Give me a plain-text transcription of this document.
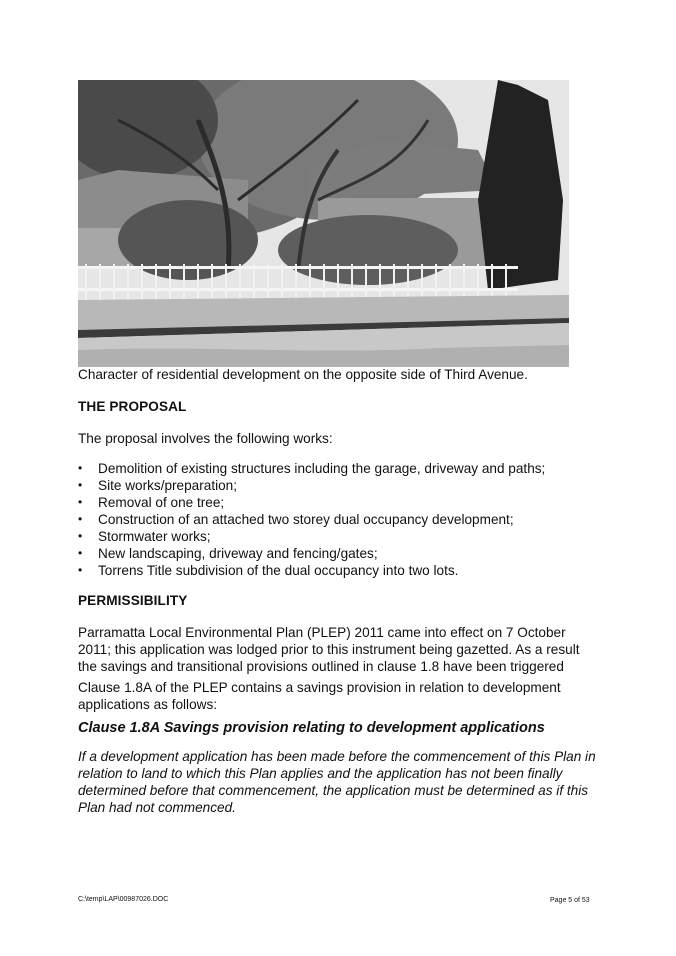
Character of residential development on the opposite side of Third Avenue.
THE PROPOSAL
The proposal involves the following works:
• Demolition of existing structures including the garage, driveway and paths;
• Site works/preparation;
• Removal of one tree;
• Construction of an attached two storey dual occupancy development;
• Stormwater works;
• New landscaping, driveway and fencing/gates;
• Torrens Title subdivision of the dual occupancy into two lots.
PERMISSIBILITY
Parramatta Local Environmental Plan (PLEP) 2011 came into effect on 7 October 2011; this application was lodged prior to this instrument being gazetted. As a result the savings and transitional provisions outlined in clause 1.8 have been triggered
Clause 1.8A of the PLEP contains a savings provision in relation to development applications as follows:
Clause 1.8A Savings provision relating to development applications
If a development application has been made before the commencement of this Plan in relation to land to which this Plan applies and the application has not been finally determined before that commencement, the application must be determined as if this Plan had not commenced.
C:\temp\LAP\00987026.DOC	Page 5 of 53
